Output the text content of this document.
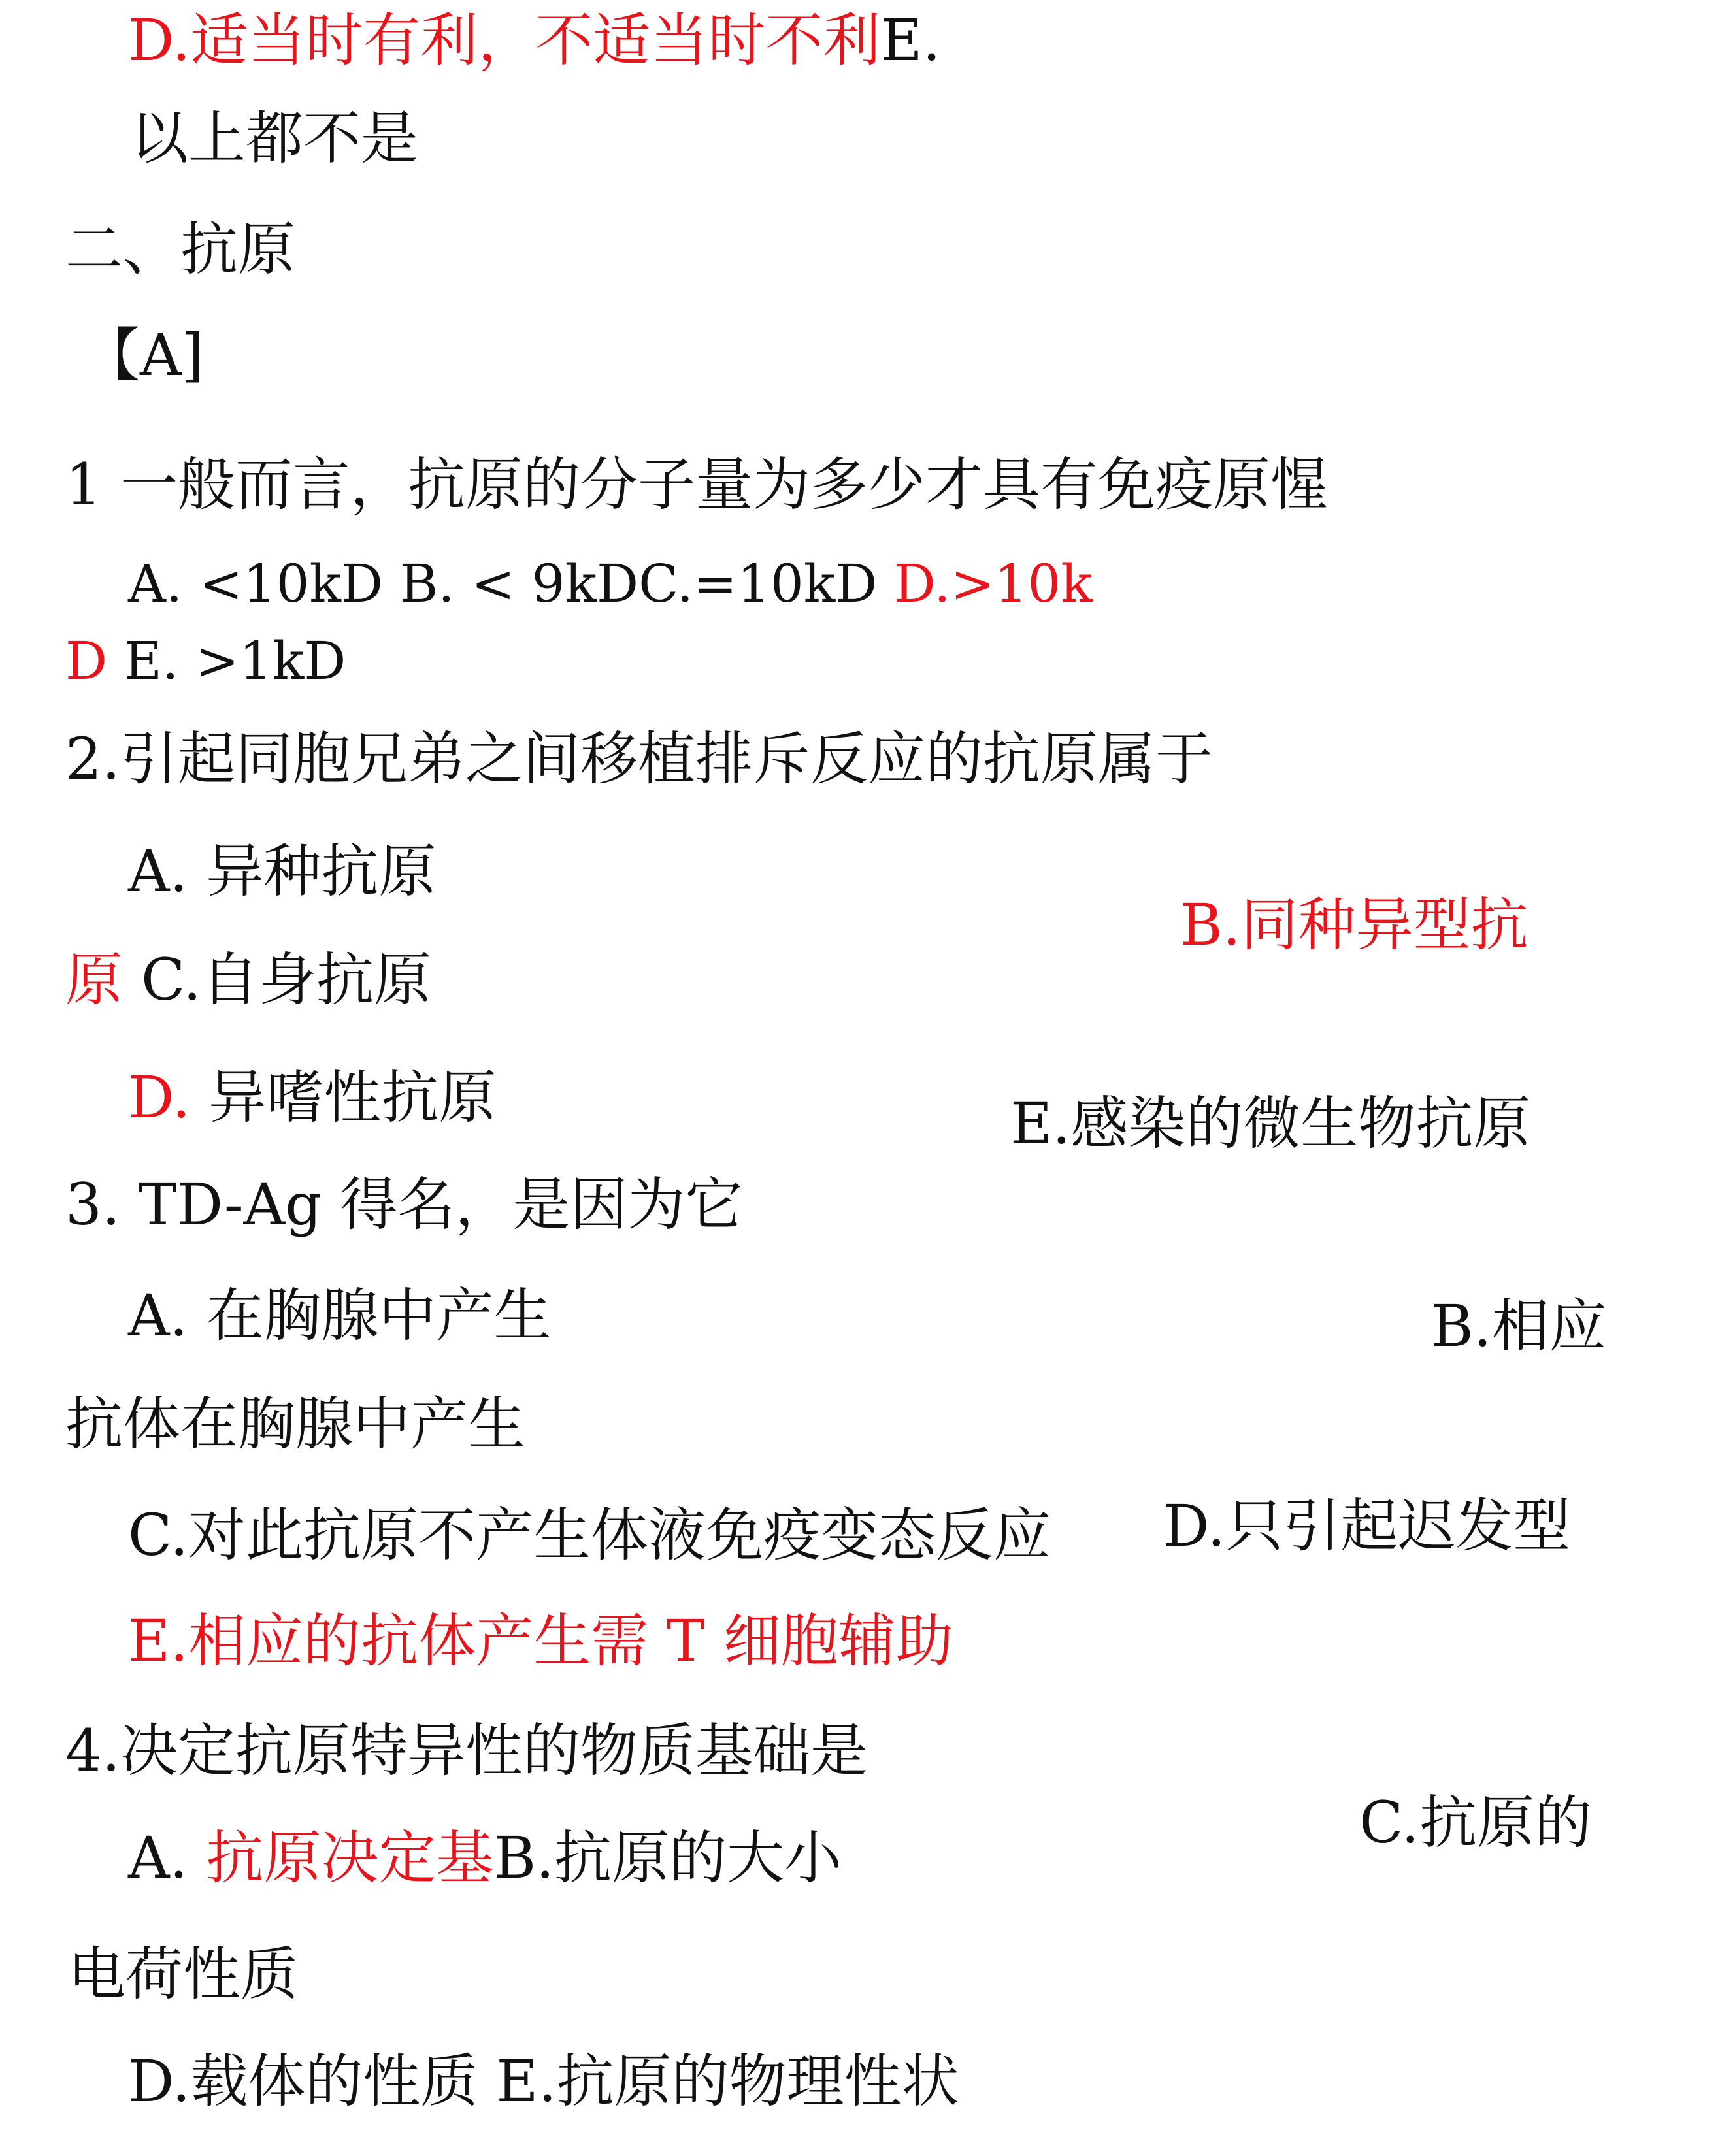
D.适当时有利，不适当时不利E.
以上都不是
二、抗原
【A]
1 一般而言，抗原的分子量为多少才具有免疫原惺
A. <10kD B. < 9kDC.=10kD D.>10k
D E. >1kD
2.引起同胞兄弟之间移植排斥反应的抗原属于
A. 异种抗原
B.同种异型抗
原 C.自身抗原
D. 异嗜性抗原	E.感染的微生物抗原
3. TD-Ag 得名，是因为它
A. 在胸腺中产生	B.相应
抗体在胸腺中产生
C.对此抗原不产生体液免疫变态反应 D.只引起迟发型
E.相应的抗体产生需 T 细胞辅助
4.决定抗原特异性的物质基础是
A. 抗原决定基B.抗原的大小
C.抗原的
电荷性质
D.载体的性质 E.抗原的物理性状
